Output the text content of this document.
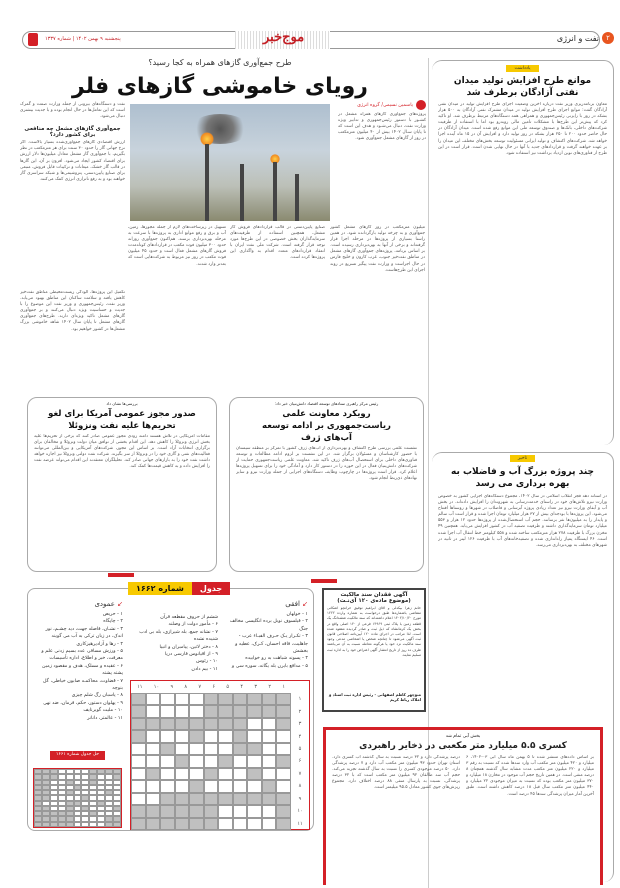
۲
نفت و انرژی
موج‌خبر
پنجشنبه ۹ بهمن ۱۴۰۲ | شماره ۱۳۳۷
طرح جمع‌آوری گازهای همراه به کجا رسید؟
رویای خاموشی گازهای فلر
یاسمین نسیمی/ گروه انرژی
پروژه‌های جمع‌آوری گازهای همراه مشعل در کشـور با دستور رئیس‌جمهوری و تدابیر ویژه وزارت نفت، دنبال می‌شـود و هدف این است که تا پایان سـال ۱۴۰۲ بیش از ۴۰ میلیون مترمکعب در روز از گازهای مشعل جمع‌آوری شود.
نفت و دستگاه‌های بیرونی از جمله وزارت صمت و گمرک است که این تعامل‌ها در حال انجام بوده و با جدیت بیشتری دنبال می‌شود.
جمع‌آوری گازهای مشعل چه منافعی برای کشور دارد؟
ارزش اقتصادی گازهای جمع‌آوری‌شده بسیار بالاست. اگر نرخ جهانی گاز را حدود ۳۰ سنت برای هر مترمکعب در نظر بگیریم، با جمع‌آوری گاز مشعل معادل میلیون‌ها دلار ارزش برای اقتصاد کشور ایجاد می‌شود. افزون بر آن، این گازها در قالب گاز خشک، میعانات و ترکیبات قابل فروش، منبعی برای صنایع پایین‌دستی، پتروشیمی‌ها و شبکه سراسری گاز خواهند بود و به رفع ناترازی انرژی کمک می‌کنند.
میلیون مترمکعب در روز گازهای مشعل کشور جمع‌آوری و به چرخه تولید بازگردانده شود. در همین راستا بسیاری از پروژه‌ها در مرحله اجرا قرار گرفته‌اند و برخی از آنها به بهره‌برداری رسیده است. بر اساس برنامه، پروژه‌های جمع‌آوری گازهای مشعل در مناطق نفت‌خیز جنوب، غرب کارون و خلیج فارس در حال اجراست و وزارت نفت پیگیر تسریع در روند اجرای این طرح‌هاست.
صنایع پایین‌دستی در قالب قراردادهای فروش گاز مشعل، همچنین استفاده از ظرفیت‌های سرمایه‌گذاران بخش خصوصی در این طرح‌ها مورد توجه قرار گرفته است. شرکت ملی نفت ایران با انعقاد قراردادهای متعدد اقدام به واگذاری این پروژه‌ها کرده است.
تسهیل در زیرساخت‌های لازم از جمله مجوزها، زمین، آب و برق و رفع موانع اداری به پروژه‌ها با سرعت به مرحله بهره‌برداری برسند. هم‌اکنون جمع‌آوری روزانه حدود ۳۰۰ میلیون فوت مکعب در قراردادهای کوتاه‌مدت فروش گازهای مشعل فعال است و حدود ۴۵ میلیون فوت مکعب در روز نیز مربوط به شرکت‌هایی است که بعدتر وارد شدند.
تکمیل این پروژه‌ها، آلودگی زیست‌محیطی مناطق نفت‌خیز کاهش یافته و سلامت ساکنان این مناطق بهبود می‌یابد. وزیر نفت، رئیس‌جمهوری و وزیر نفت این موضوع را با جدیت و حساسیت ویژه دنبال می‌کنند و بر جمع‌آوری گازهای مشعل تاکید ویژه‌ای دارند. طرح‌های جمع‌آوری گازهای مشعل تا پایان سال ۱۴۰۲ شاهد خاموشی بزرگ مشعل‌ها در کشور خواهیم بود.
یادداشت
موانع طرح افزایش تولید میدان نفتی آزادگان برطرف شد
معاون برنامه‌ریزی وزیر نفت درباره آخرین وضعیت اجرای طرح افزایش تولید در میدان نفتی آزادگان گفت: موانع اجرای طرح افزایش تولید در میدان مشترک نفتی آزادگان به ۵۰۰ هزار بشکه در روز با رایزنی رئیس‌جمهوری و همراهی همه دستگاه‌های مرتبط برطرف شد. او تاکید کرد که پیش‌تر این طرح‌ها با مشکلات تامین مالی روبه‌رو بود اما با استفاده از ظرفیت شرکت‌های داخلی، بانک‌ها و صندوق توسعه ملی این موانع رفع شده است. میدان آزادگان در حال حاضر حدود ۲۰۰ تا ۲۵۰ هزار بشکه در روز تولید دارد و افزایش آن در ۱۵ ماه آینده اجرا خواهد شد. شرکت‌های اکتشاف و تولید ایرانی مسئولیت توسعه بخش‌های مختلف این میدان را بر عهده خواهند گرفت و قراردادهای جدید با آنها در حال نهایی شدن است. قرار است در این طرح از فناوری‌های نوین ازدیاد برداشت نیز استفاده شود.
تاخیر
چند پروژه بزرگ آب و فاضلاب به بهره برداری می رسد
در آستانه دهه فجر انقلاب اسلامی در سال ۱۴۰۲، مجموع دستگاه‌های اجرایی کشور به خصوص وزارت نیرو تلاش‌های خود در راستای خدمت‌رسانی به شهروندان را افزایش داده‌اند. در بخش آب و آبفای وزارت نیرو نیز تعداد زیادی پروژه آبرسانی و فاضلاب در شهرها و روستاها افتتاح می‌شود. این پروژه‌ها با بودجه‌ای بیش از ۳۷ هزار میلیارد تومان اجرا شده و قرار است آب سالم و پایدار را به میلیون‌ها نفر برسانند. حجم آب استحصال‌شده از پروژه‌ها حدود ۱۲ هزار و ۵۵۳ میلیارد تومان سرمایه‌گذاری داشته و ظرفیت تصفیه آب در کشور افزایش می‌یابد. همچنین ۴۹ مخزن بزرگ با ظرفیت ۲۷۸ هزار مترمکعب ساخته شده و ۵۵۸ کیلومتر خط انتقال آب اجرا شده است. ۴۶ ایستگاه پمپاژ راه‌اندازی شده و تصفیه‌خانه‌های آب با ظرفیت ۱۲۶ لیتر در ثانیه در شهرهای مختلف به بهره‌برداری می‌رسد.
بررسی‌ها نشان داد
صدور مجوز عمومی آمریکا برای لغو تحریم‌ها علیه نفت ونزوئلا
مقامات آمریکایی در تلاش هستند دامنه زودی مجوز عمومی صادر کنند که برخی از تحریم‌ها علیه بخش انرژی ونزوئلا را کاهش دهد. این اقدام بخشی از توافق میان دولت ونزوئلا و مخالفان برای برگزاری انتخابات آزاد است. بر اساس این مجوز، شرکت‌های آمریکایی و بین‌المللی می‌توانند فعالیت‌های نفتی و گازی خود را در ونزوئلا از سر بگیرند. شرکت نفت دولتی ونزوئلا نیز اجازه خواهد داشت نفت خود را به بازارهای جهانی صادر کند. تحلیلگران معتقدند این اقدام می‌تواند عرضه نفت را افزایش داده و به کاهش قیمت‌ها کمک کند.
رئیس مرکز راهبری ستادهای توسعه اقتصاد دانش‌بنیان خبر داد:
رویکرد معاونت علمی ریاست‌جمهوری بر ادامه توسعه آب‌های ژرف
نشست علمی بررسی طرح اکتشاف و بهره‌برداری از آب‌های ژرف کشور با تمرکز بر منطقه سیستان با حضور کارشناسان و مسئولان برگزار شد. در این نشست بر لزوم ادامه مطالعات و توسعه فناوری‌های داخلی برای استحصال آب‌های ژرف تاکید شد. معاونت علمی ریاست‌جمهوری حمایت از شرکت‌های دانش‌بنیان فعال در این حوزه را در دستور کار دارد و آمادگی خود را برای تسهیل پروژه‌ها اعلام کرد. قرار است پروژه‌ها در چارچوب وظایف دستگاه‌های اجرایی از جمله وزارت نیرو و سایر نهادهای ذی‌ربط انجام شود.
جدول
شماره ۱۶۶۲
↙ افقی
۱ - خولهان
۲ - فیلسوف نوبل برده انگلیسی مخالف جنگ
۳ - تکـرار یـک حـرف الفبـاء عرب - جاهلیت، فاقه احسان، کـرک، عطیه و بخشش
۴ - پسوند شباهت به رو خوابیده
۵ - مدافع بایرن بله یگانه، سوره سی و
ششم از حروف مقطعه قرآن
۶ - مأمور دولت از وصلند
۷ - نشانه جمع، بله شیرازی، بله بی ادب شنیده نشده
۸ - دختر لاتین، پیامبران و انبیا
۹ - از اقیانوس فارسی دریا
۱۰ - رئوس
۱۱ - بیم دادن
↙ عمودی
۱ - حریص
۲ - چاپگاه
۳ - نشـان، فاصله جهت، دید چشـم، نور اندک، در زبان ترکی به آب می گویند
۴ - رها و آزادپرهیزکاری
۵ - ورزش مسافر، عدد بسیم زدنی علم و معرفت، خبر و اطلاع، اداره تأسیسات
۶ - عقیده و مسلک، هدف و مقصود زمین پشته پشته
۷ - قضاوت، محاکمـه صابون خیاطی، گل بنوچه
۸ - پاسبان رگ شلم چیزی
۹ - پهلوان دستور، حکم، فرمان، ضد نهی
۱۰ - ملیت گوبرنایف
۱۱ - عالمتر، دانانر
۱
۲
۳
۴
۵
۶
۷
۸
۹
۱۰
۱۱
۱
۲
۳
۴
۵
۶
۷
۸
۹
۱۰
۱۱
حل جدول شماره ۱۶۶۱
آگهی فقدان سند مالکیت
(موضوع ماده‌ی ۱۲۰ آی‌نـت)
خانم زهرا بیکدلی و آقای ابراهیم توفیق خرانچو اشکانی متقاضی باشماره‌ها طبق درخواست به شماره وارده ۱۲۲۲ مورخ ۱۴۰۲/۱۰/۲۰ اعلام داشته‌اند که سند مالکیت ششدانگ یک قطعه زمین با پلاک ثبتی ۱۴۹۶۹ فرعی از ۱۴۰ اصلی واقع در بخش یک کرمانشاه که ذیل ثبت و صادر گردیده مفقود شده است. لذا مراتب در اجرای ماده ۱۲۰ آیین‌نامه اصلاحی قانون ثبت آگهی می‌شود تا چنانچه شخص یا اشخاصی مدعی وجود سند مالکیت نزد خود یا هرگونه معامله نسبت به آن می‌باشند ظرف ده روز از تاریخ انتشار آگهی اعتراض خود را به اداره ثبت تسلیم نمایند.
منوچهر کاظم اصفهانی - رئیس اداره ثبت اسناد و املاک رباط کریم
بخش آبی تمام شد
کسری ۵.۵ میلیارد متر مکعبی در ذخایر راهبردی
بر اساس داده‌های منتشر شده تا ۵ بهمن ماه سال آبی ۰۳-۱۴۰۲، ۶ میلیارد و ۴۲۰ میلیون متر مکعب آب وارد سدها شده که نسبت به رقم ۳ میلیارد و ۲۲۰ میلیون متر مکعب مدت مشابه سال گذشته همچنان ۸ درصد منفی است. در همین تاریخ حجم آب موجود در مخازن ۱۸ میلیارد و ۳۷۰ میلیون متر مکعب بوده که نسبت به میزان موجودی ۲۲ میلیارد و ۴۴۰ میلیون متر مکعب سال قبل ۱۸ درصد کاهش داشته است. طبق آخرین آمار میزان پرشدگی سدها ۴۵ درصد است.
درصد پرشدگی دارد و ۳۲ درصد نسبت به سال گذشته آب کسری دارد. استان تهران حدود ۹۳ میلیون متر مکعب آب دارد و ۷ درصد پرشدگی دارد. ۵۰ درصد موجودی کسری را نسبت به سال گذشته تجربه می‌کند. حجم آب سد طالقان ۹۲ میلیون متر مکعب است که با ۳۲ درصد پرشدگی، نسبت به پارسال منفی ۸۸ درصد اختلاف دارد. مجموع ریزش‌های جوی کشور معادل ۹۵.۵ میلیمتر است.
